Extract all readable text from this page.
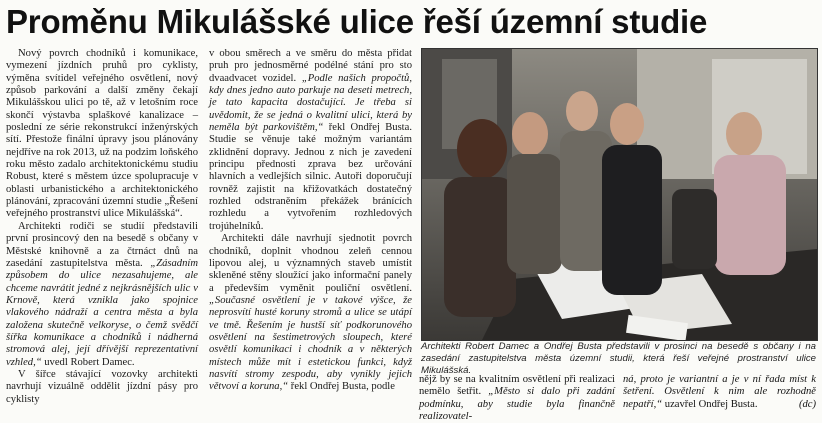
Proměnu Mikulášské ulice řeší územní studie

Nový povrch chodníků i komunikace, vymezení jízdních pruhů pro cyklisty, výměna svítidel veřejného osvětlení, nový způsob parkování a další změny čekají Mikulášskou ulici po tě, až v letošním roce skončí výstavba splaškové kanalizace – poslední ze série rekonstrukcí inženýrských sítí. Přestože finální úpravy jsou plánovány nejdříve na rok 2013, už na podzim loňského roku město zadalo architektonickému studiu Robust, které s městem úzce spolupracuje v oblasti urbanistického a architektonického plánování, zpracování územní studie „Řešení veřejného prostranství ulice Mikulášská“.

Architekti rodiči se studií představili první prosincový den na besedě s občany v Městské knihovně a za čtrnáct dnů na zasedání zastupitelstva města. „Zásadním způsobem do ulice nezasahujeme, ale chceme navrátit jedné z nejkrásnějších ulic v Krnově, která vznikla jako spojnice vlakového nádraží a centra města a byla založena skutečně velkoryse, o čemž svědčí šířka komunikace a chodníků i nádherná stromová alej, její dřívější reprezentativní vzhled,“ uvedl Robert Damec.

V šířce stávající vozovky architekti navrhují vizuálně oddělit jízdní pásy pro cyklisty

v obou směrech a ve směru do města přidat pruh pro jednosměrné podélné stání pro sto dvaadvacet vozidel. „Podle našich propočtů, kdy dnes jedno auto parkuje na deseti metrech, je tato kapacita dostačující. Je třeba si uvědomit, že se jedná o kvalitní ulici, která by neměla být parkovištěm,“ řekl Ondřej Busta. Studie se věnuje také možným variantám zklidnění dopravy. Jednou z nich je zavedení principu přednosti zprava bez určování hlavních a vedlejších silnic. Autoři doporučují rovněž zajistit na křižovatkách dostatečný rozhled odstraněním překážek bránících rozhledu a vytvořením rozhledových trojúhelníků.

Architekti dále navrhují sjednotit povrch chodníků, doplnit vhodnou zeleň cennou lipovou alej, u významných staveb umístit skleněné stěny sloužící jako informační panely a především vyměnit pouliční osvětlení. „Současné osvětlení je v takové výšce, že neprosvítí husté koruny stromů a ulice se utápí ve tmě. Řešením je hustší síť podkorunového osvětlení na šestimetrových sloupech, které osvětlí komunikaci i chodník a v některých místech může mít i estetickou funkci, když nasvítí stromy zespodu, aby vynikly jejich větvoví a koruna,“ řekl Ondřej Busta, podle

Architekti Robert Damec a Ondřej Busta představili v prosinci na besedě s občany i na zasedání zastupitelstva města územní studii, která řeší veřejné prostranství ulice Mikulášská.
nějž by se na kvalitním osvětlení při realizaci nemělo šetřit. „Město si dalo při zadání podmínku, aby studie byla finančně realizovatel-
ná, proto je variantní a je v ní řada míst k šetření. Osvětlení k nim ale rozhodně nepatří,“ uzavřel Ondřej Busta.	(dc)
